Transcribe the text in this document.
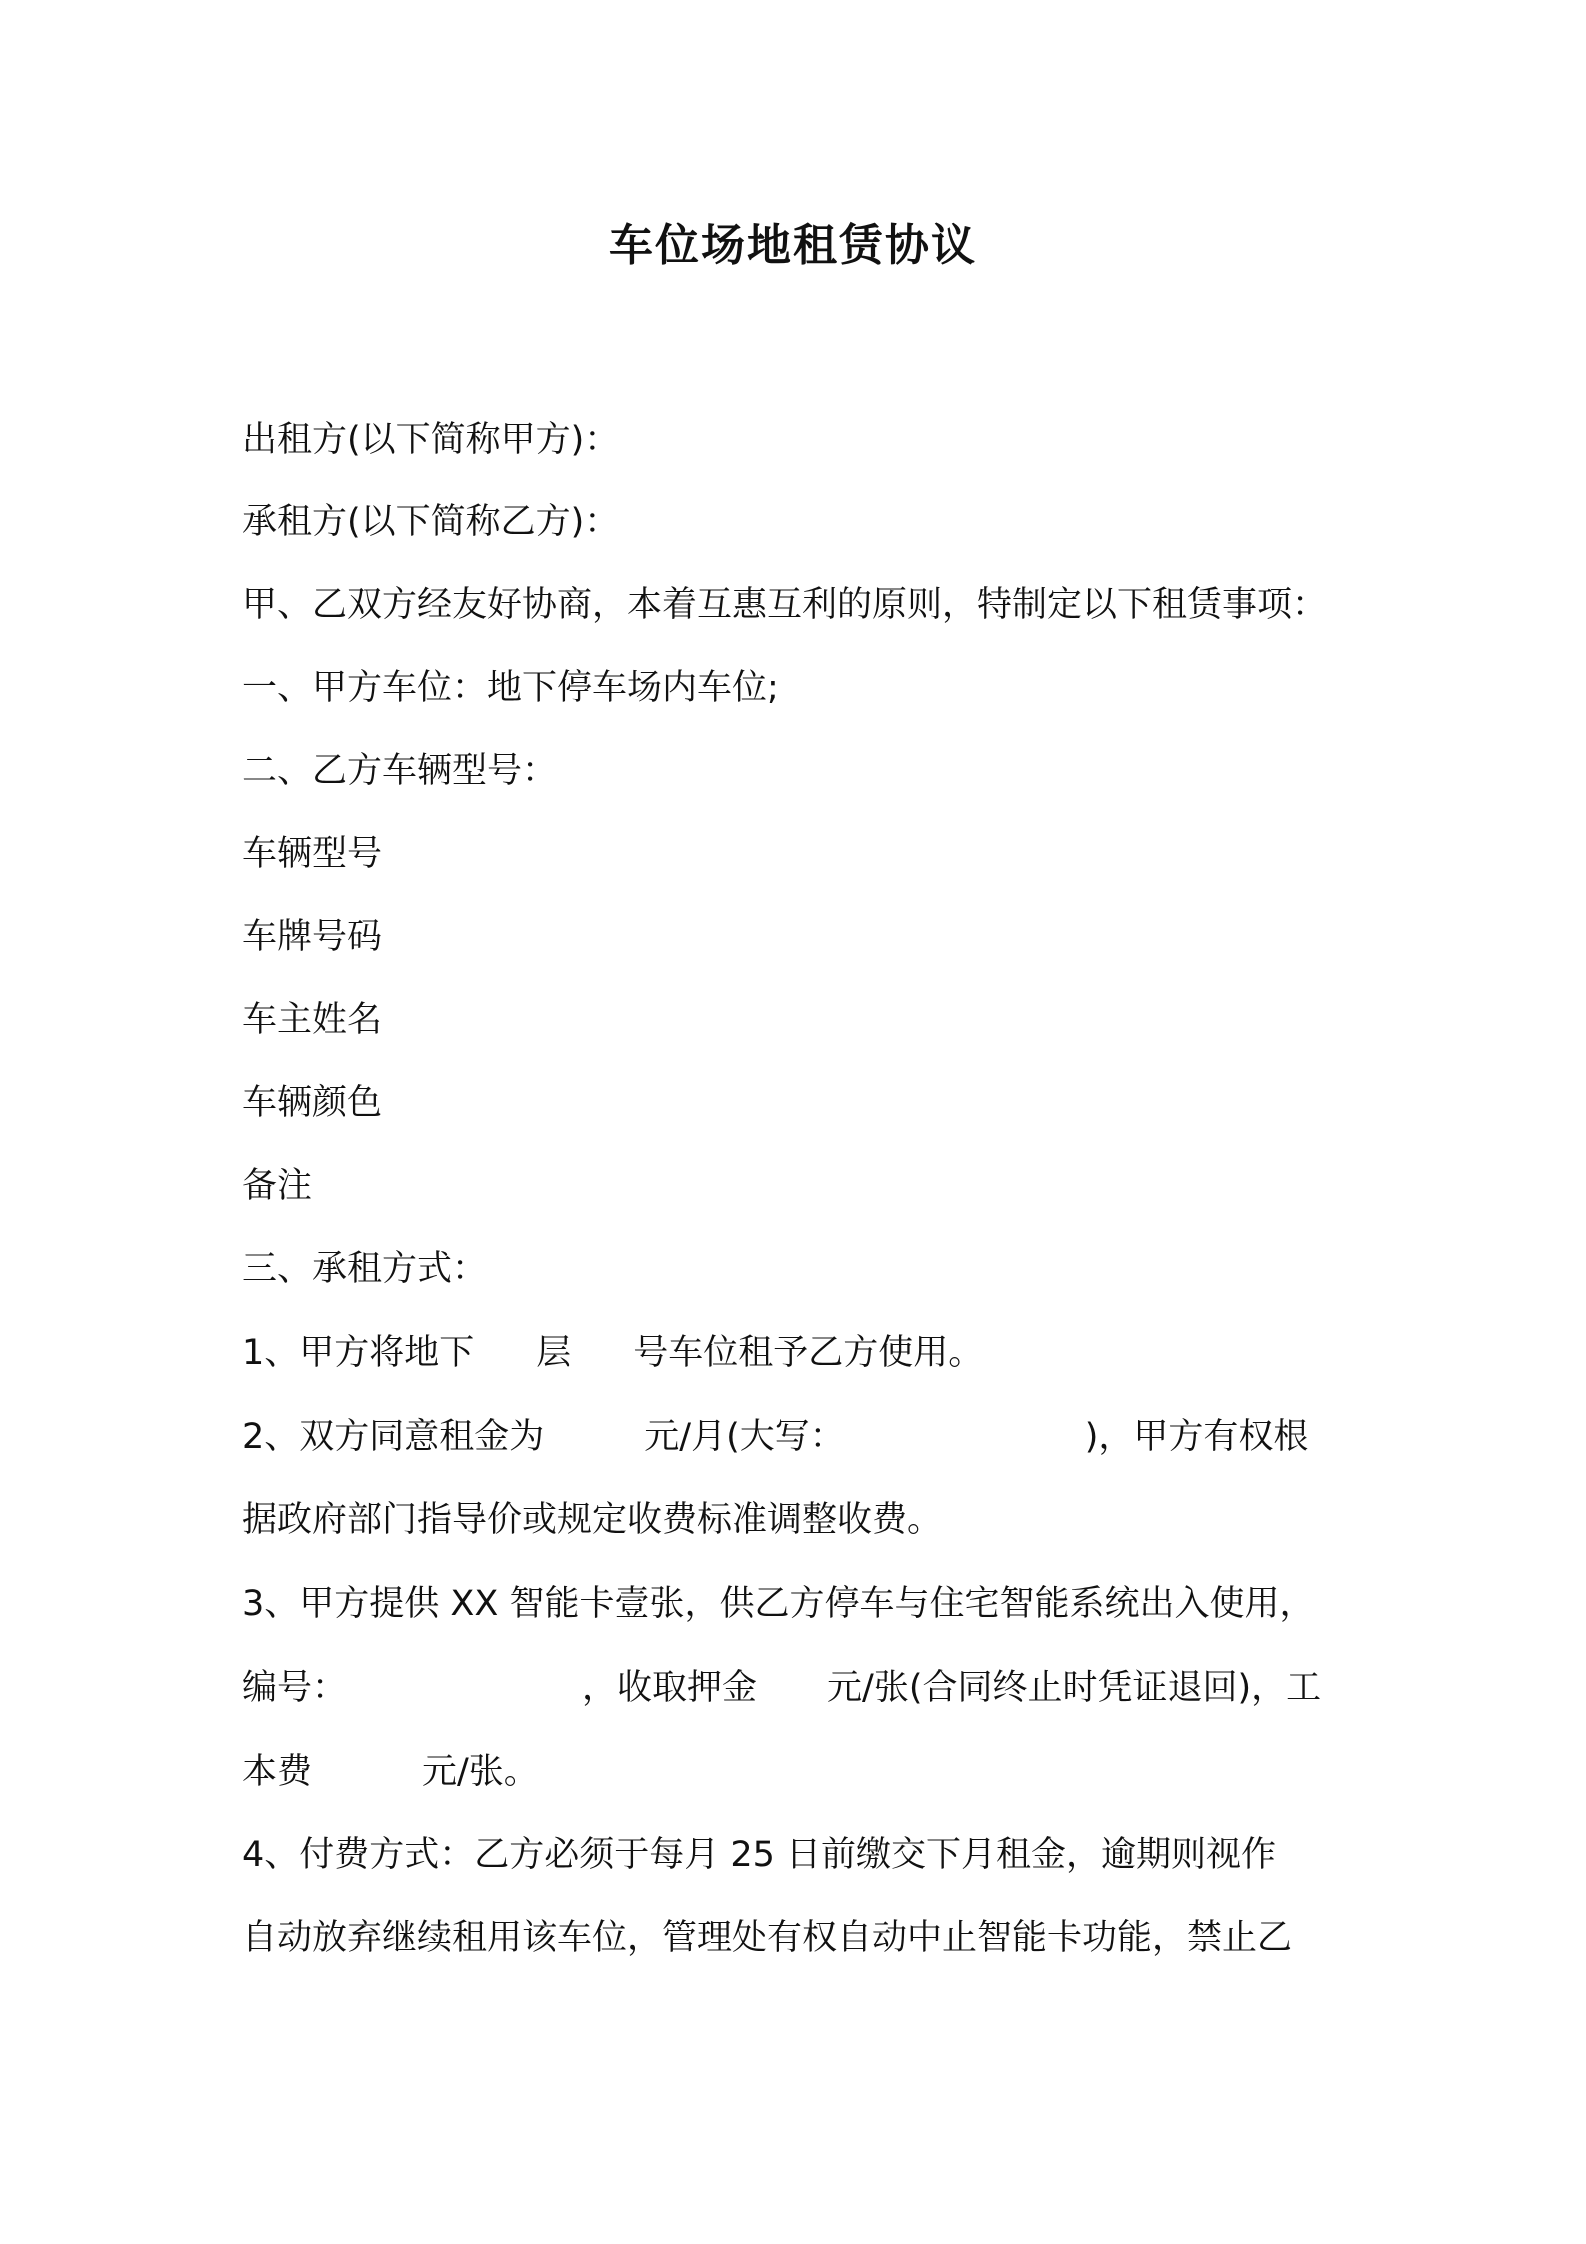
车位场地租赁协议
出租方(以下简称甲方)：
承租方(以下简称乙方)：
甲、乙双方经友好协商，本着互惠互利的原则，特制定以下租赁事项：
一、甲方车位：地下停车场内车位;
二、乙方车辆型号：
车辆型号
车牌号码
车主姓名
车辆颜色
备注
三、承租方式：
1、甲方将地下 层 号车位租予乙方使用。
2、双方同意租金为	元/月(大写：	)，甲方有权根
据政府部门指导价或规定收费标准调整收费。
3、甲方提供 XX 智能卡壹张，供乙方停车与住宅智能系统出入使用，
编号：	，收取押金 元/张(合同终止时凭证退回)，工
本费	元/张。
4、付费方式：乙方必须于每月 25 日前缴交下月租金，逾期则视作
自动放弃继续租用该车位，管理处有权自动中止智能卡功能，禁止乙
